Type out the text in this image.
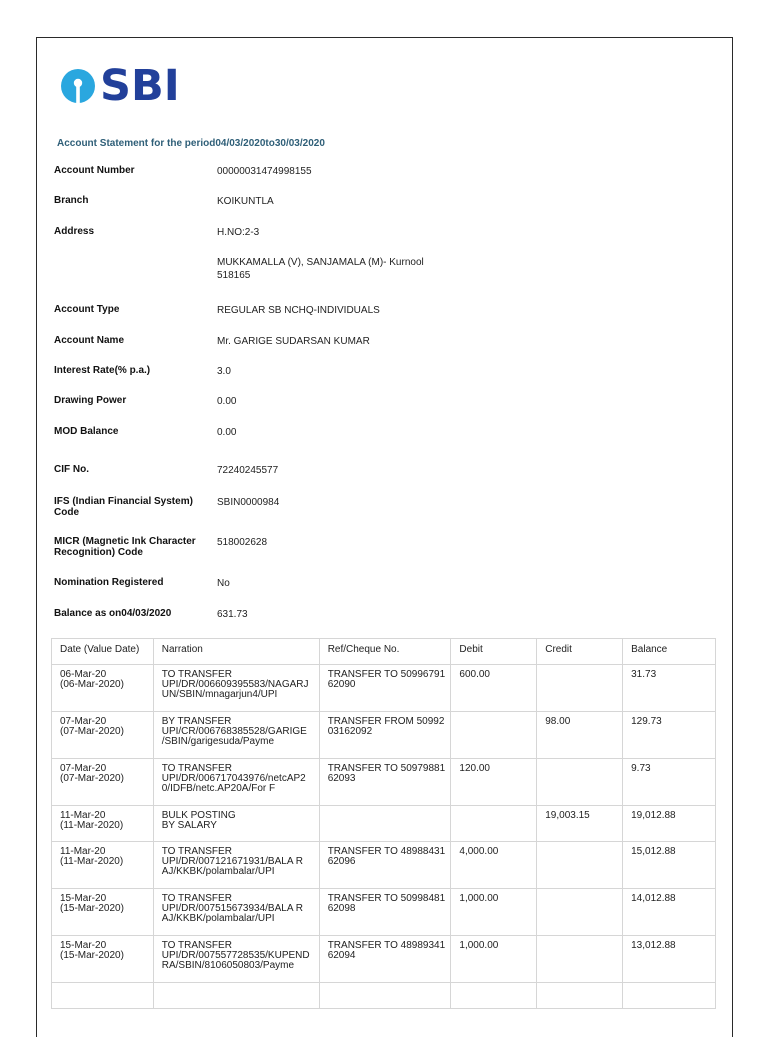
SBI
Account Statement for the period04/03/2020to30/03/2020
Account Number	00000031474998155
Branch	KOIKUNTLA
Address	H.NO:2-3
MUKKAMALLA (V), SANJAMALA (M)- Kurnool
518165
Account Type	REGULAR SB NCHQ-INDIVIDUALS
Account Name	Mr. GARIGE SUDARSAN KUMAR
Interest Rate(% p.a.)	3.0
Drawing Power	0.00
MOD Balance	0.00
CIF No.	72240245577
IFS (Indian Financial System) Code
SBIN0000984
MICR (Magnetic Ink Character Recognition) Code
518002628
Nomination Registered	No
Balance as on04/03/2020	631.73
Date (Value Date)	Narration	Ref/Cheque No.	Debit	Credit	Balance
06-Mar-20
(06-Mar-2020)	TO TRANSFER
UPI/DR/006609395583/NAGARJ
UN/SBIN/mnagarjun4/UPI	TRANSFER TO 50996791
62090	600.00		31.73
07-Mar-20
(07-Mar-2020)	BY TRANSFER
UPI/CR/006768385528/GARIGE
/SBIN/garigesuda/Payme	TRANSFER FROM 50992
03162092		98.00	129.73
07-Mar-20
(07-Mar-2020)	TO TRANSFER
UPI/DR/006717043976/netcAP2
0/IDFB/netc.AP20A/For F	TRANSFER TO 50979881
62093	120.00		9.73
11-Mar-20
(11-Mar-2020)	BULK POSTING
BY SALARY			19,003.15	19,012.88
11-Mar-20
(11-Mar-2020)	TO TRANSFER
UPI/DR/007121671931/BALA R
AJ/KKBK/polambalar/UPI	TRANSFER TO 48988431
62096	4,000.00		15,012.88
15-Mar-20
(15-Mar-2020)	TO TRANSFER
UPI/DR/007515673934/BALA R
AJ/KKBK/polambalar/UPI	TRANSFER TO 50998481
62098	1,000.00		14,012.88
15-Mar-20
(15-Mar-2020)	TO TRANSFER
UPI/DR/007557728535/KUPEND
RA/SBIN/8106050803/Payme	TRANSFER TO 48989341
62094	1,000.00		13,012.88
